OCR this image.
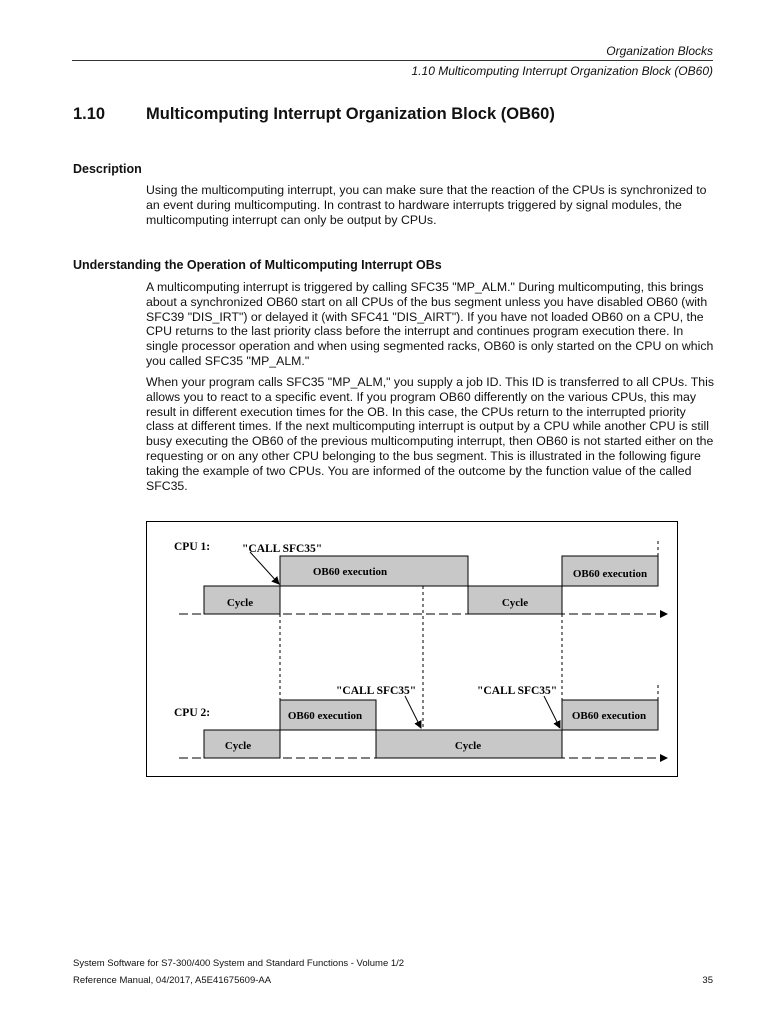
Organization Blocks
1.10 Multicomputing Interrupt Organization Block (OB60)
1.10 Multicomputing Interrupt Organization Block (OB60)
Description

Using the multicomputing interrupt, you can make sure that the reaction of the CPUs is synchronized to an event during multicomputing. In contrast to hardware interrupts triggered by signal modules, the multicomputing interrupt can only be output by CPUs.

Understanding the Operation of Multicomputing Interrupt OBs

A multicomputing interrupt is triggered by calling SFC35 "MP_ALM." During multicomputing, this brings about a synchronized OB60 start on all CPUs of the bus segment unless you have disabled OB60 (with SFC39 "DIS_IRT") or delayed it (with SFC41 "DIS_AIRT"). If you have not loaded OB60 on a CPU, the CPU returns to the last priority class before the interrupt and continues program execution there. In single processor operation and when using segmented racks, OB60 is only started on the CPU on which you called SFC35 "MP_ALM."

When your program calls SFC35 "MP_ALM," you supply a job ID. This ID is transferred to all CPUs. This allows you to react to a specific event. If you program OB60 differently on the various CPUs, this may result in different execution times for the OB. In this case, the CPUs return to the interrupted priority class at different times. If the next multicomputing interrupt is output by a CPU while another CPU is still busy executing the OB60 of the previous multicomputing interrupt, then OB60 is not started either on the requesting or on any other CPU belonging to the bus segment. This is illustrated in the following figure taking the example of two CPUs. You are informed of the outcome by the function value of the called SFC35.

CPU 1:
CPU 2:
"CALL SFC35"
"CALL SFC35"	"CALL SFC35"
OB60 execution	OB60 execution
Cycle	Cycle
OB60 execution	OB60 execution
Cycle	Cycle
System Software for S7-300/400 System and Standard Functions - Volume 1/2
Reference Manual, 04/2017, A5E41675609-AA	35
